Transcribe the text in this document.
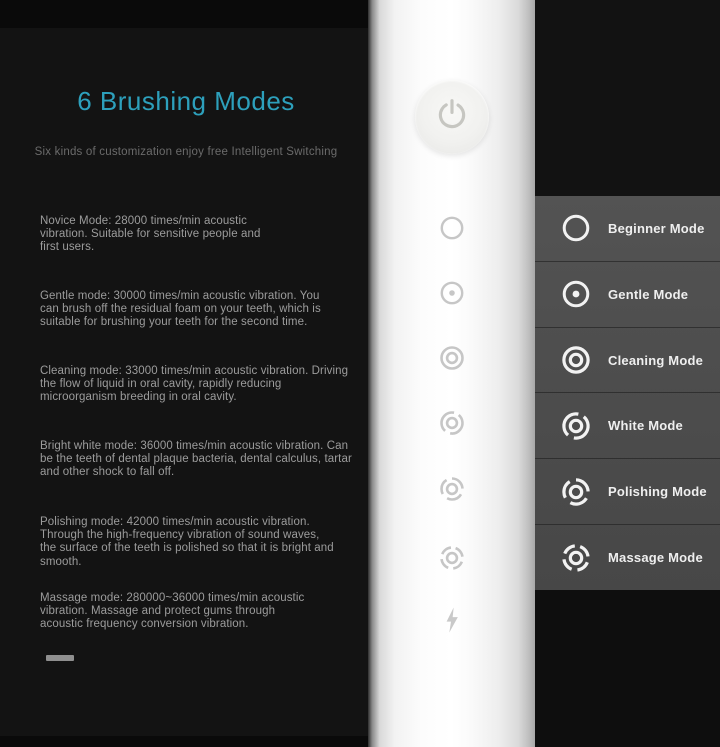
6 Brushing Modes
Six kinds of customization enjoy free Intelligent Switching

Novice Mode: 28000 times/min acoustic vibration. Suitable for sensitive people and first users.

Gentle mode: 30000 times/min acoustic vibration. You can brush off the residual foam on your teeth, which is suitable for brushing your teeth for the second time.

Cleaning mode: 33000 times/min acoustic vibration. Driving the flow of liquid in oral cavity, rapidly reducing microorganism breeding in oral cavity.

Bright white mode: 36000 times/min acoustic vibration. Can be the teeth of dental plaque bacteria, dental calculus, tartar and other shock to fall off.

Polishing mode: 42000 times/min acoustic vibration. Through the high-frequency vibration of sound waves, the surface of the teeth is polished so that it is bright and smooth.

Massage mode: 280000~36000 times/min acoustic vibration. Massage and protect gums through acoustic frequency conversion vibration.

Beginner Mode
Gentle Mode
Cleaning Mode
White Mode
Polishing Mode
Massage Mode
